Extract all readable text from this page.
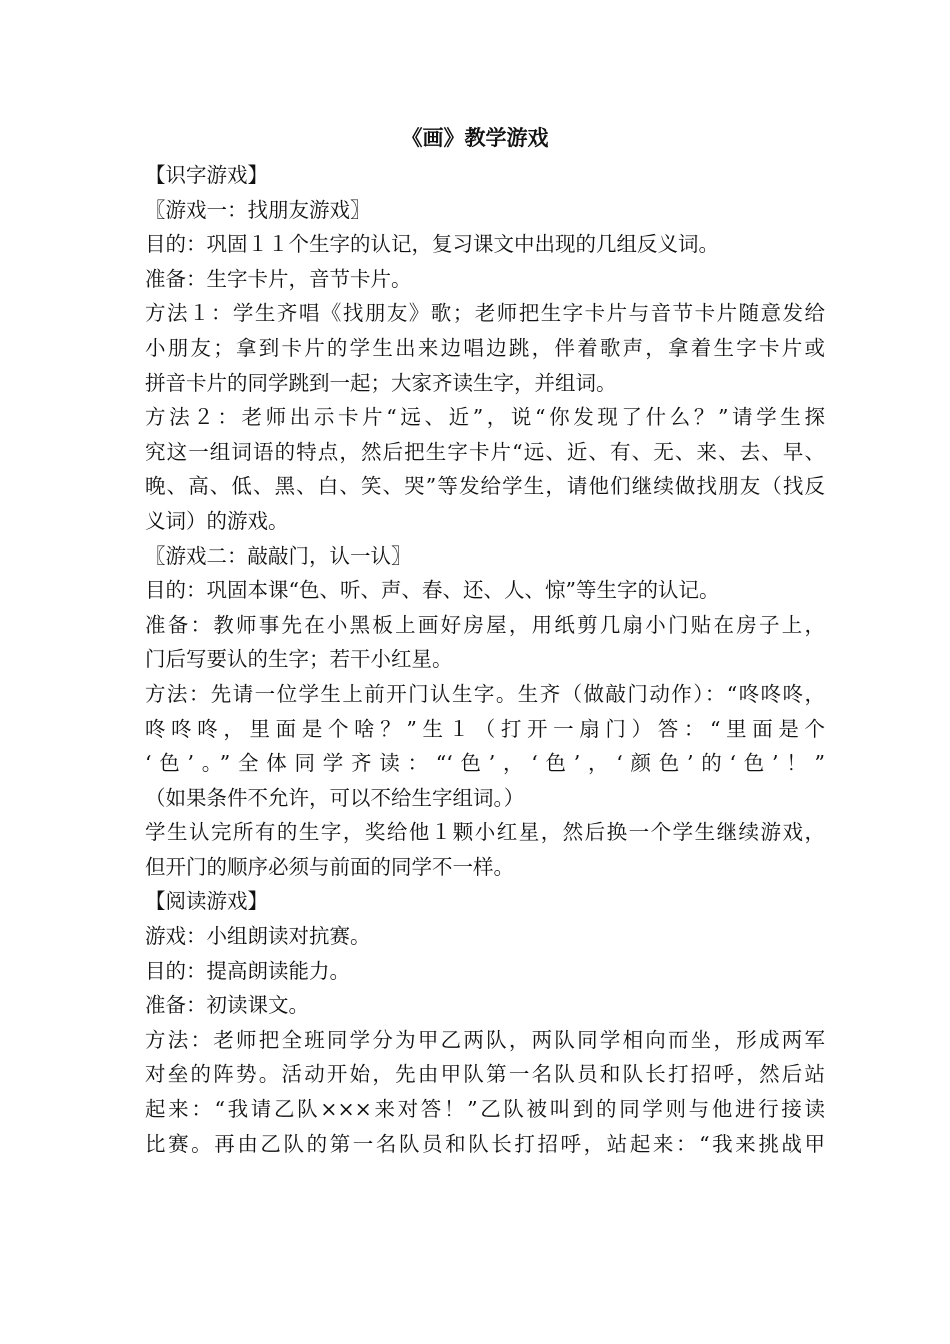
《画》教学游戏
【识字游戏】
〖游戏一：找朋友游戏〗
目的：巩固１１个生字的认记，复习课文中出现的几组反义词。
准备：生字卡片，音节卡片。
方法１：学生齐唱《找朋友》歌；老师把生字卡片与音节卡片随意发给
小朋友；拿到卡片的学生出来边唱边跳，伴着歌声，拿着生字卡片或
拼音卡片的同学跳到一起；大家齐读生字，并组词。
方法２：老师出示卡片“远、近”，说“你发现了什么？”请学生探
究这一组词语的特点，然后把生字卡片“远、近、有、无、来、去、早、
晚、高、低、黑、白、笑、哭”等发给学生，请他们继续做找朋友（找反
义词）的游戏。
〖游戏二：敲敲门，认一认〗
目的：巩固本课“色、听、声、春、还、人、惊”等生字的认记。
准备：教师事先在小黑板上画好房屋，用纸剪几扇小门贴在房子上，
门后写要认的生字；若干小红星。
方法：先请一位学生上前开门认生字。生齐（做敲门动作）：“咚咚咚，
咚咚咚，里面是个啥？”生１（打开一扇门）答：“里面是个
‘色’。”全体同学齐读：“‘色’，‘色’，‘颜色’的‘色’！”
（如果条件不允许，可以不给生字组词。）
学生认完所有的生字，奖给他１颗小红星，然后换一个学生继续游戏，
但开门的顺序必须与前面的同学不一样。
【阅读游戏】
游戏：小组朗读对抗赛。
目的：提高朗读能力。
准备：初读课文。
方法：老师把全班同学分为甲乙两队，两队同学相向而坐，形成两军
对垒的阵势。活动开始，先由甲队第一名队员和队长打招呼，然后站
起来：“我请乙队×××来对答！”乙队被叫到的同学则与他进行接读
比赛。再由乙队的第一名队员和队长打招呼，站起来：“我来挑战甲
